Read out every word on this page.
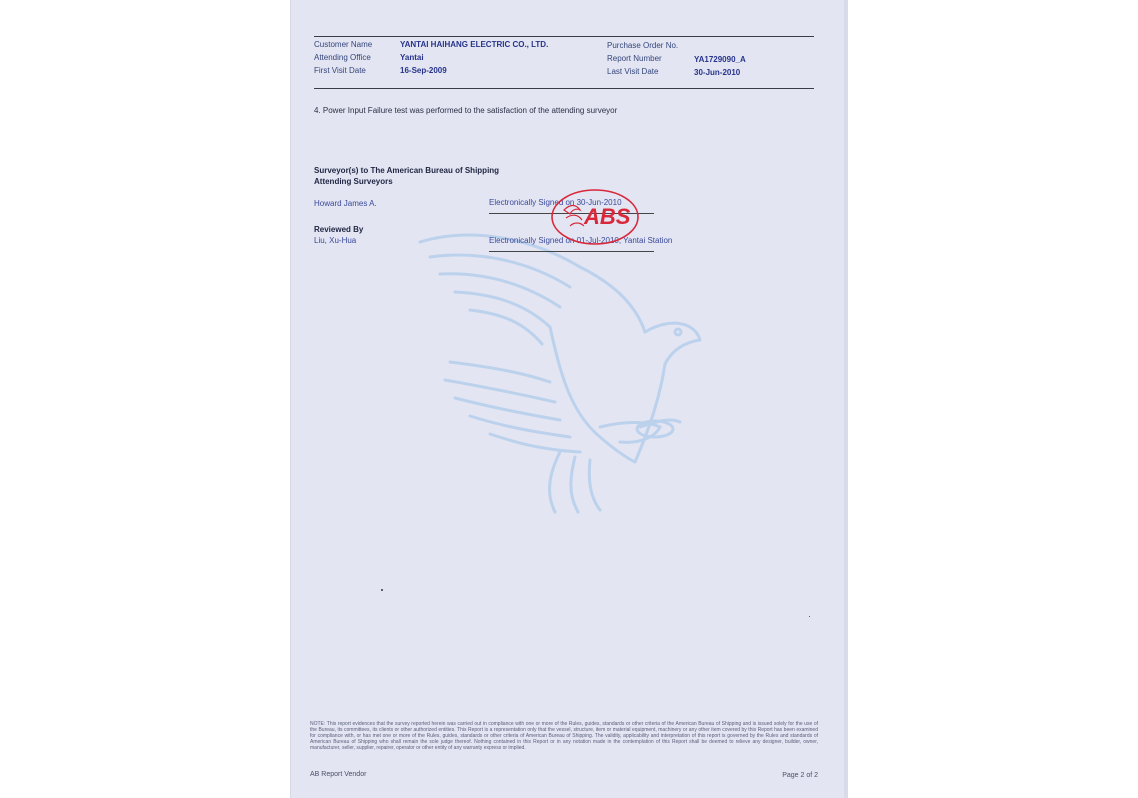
Customer Name	YANTAI HAIHANG ELECTRIC CO., LTD.
Attending Office	Yantai
First Visit Date	16-Sep-2009
Purchase Order No.
Report Number	YA1729090_A
Last Visit Date	30-Jun-2010
4. Power Input Failure test was performed to the satisfaction of the attending surveyor
Surveyor(s) to The American Bureau of Shipping
Attending Surveyors
Howard James A.	Electronically Signed on 30-Jun-2010
Reviewed By
Liu, Xu-Hua	Electronically Signed on 01-Jul-2010, Yantai Station
ABS
NOTE: This report evidences that the survey reported herein was carried out in compliance with one or more of the Rules, guides, standards or other criteria of the American Bureau of Shipping and is issued solely for the use of the Bureau, its committees, its clients or other authorized entities. This Report is a representation only that the vessel, structure, item or material equipment, machinery or any other item covered by this Report has been examined for compliance with, or has met one or more of the Rules, guides, standards or other criteria of American Bureau of Shipping. The validity, applicability and interpretation of this report is governed by the Rules and standards of American Bureau of Shipping who shall remain the sole judge thereof. Nothing contained in this Report or in any notation made in the contemplation of this Report shall be deemed to relieve any designer, builder, owner, manufacturer, seller, supplier, repairer, operator or other entity of any warranty express or implied.
AB Report Vendor	Page 2 of 2
